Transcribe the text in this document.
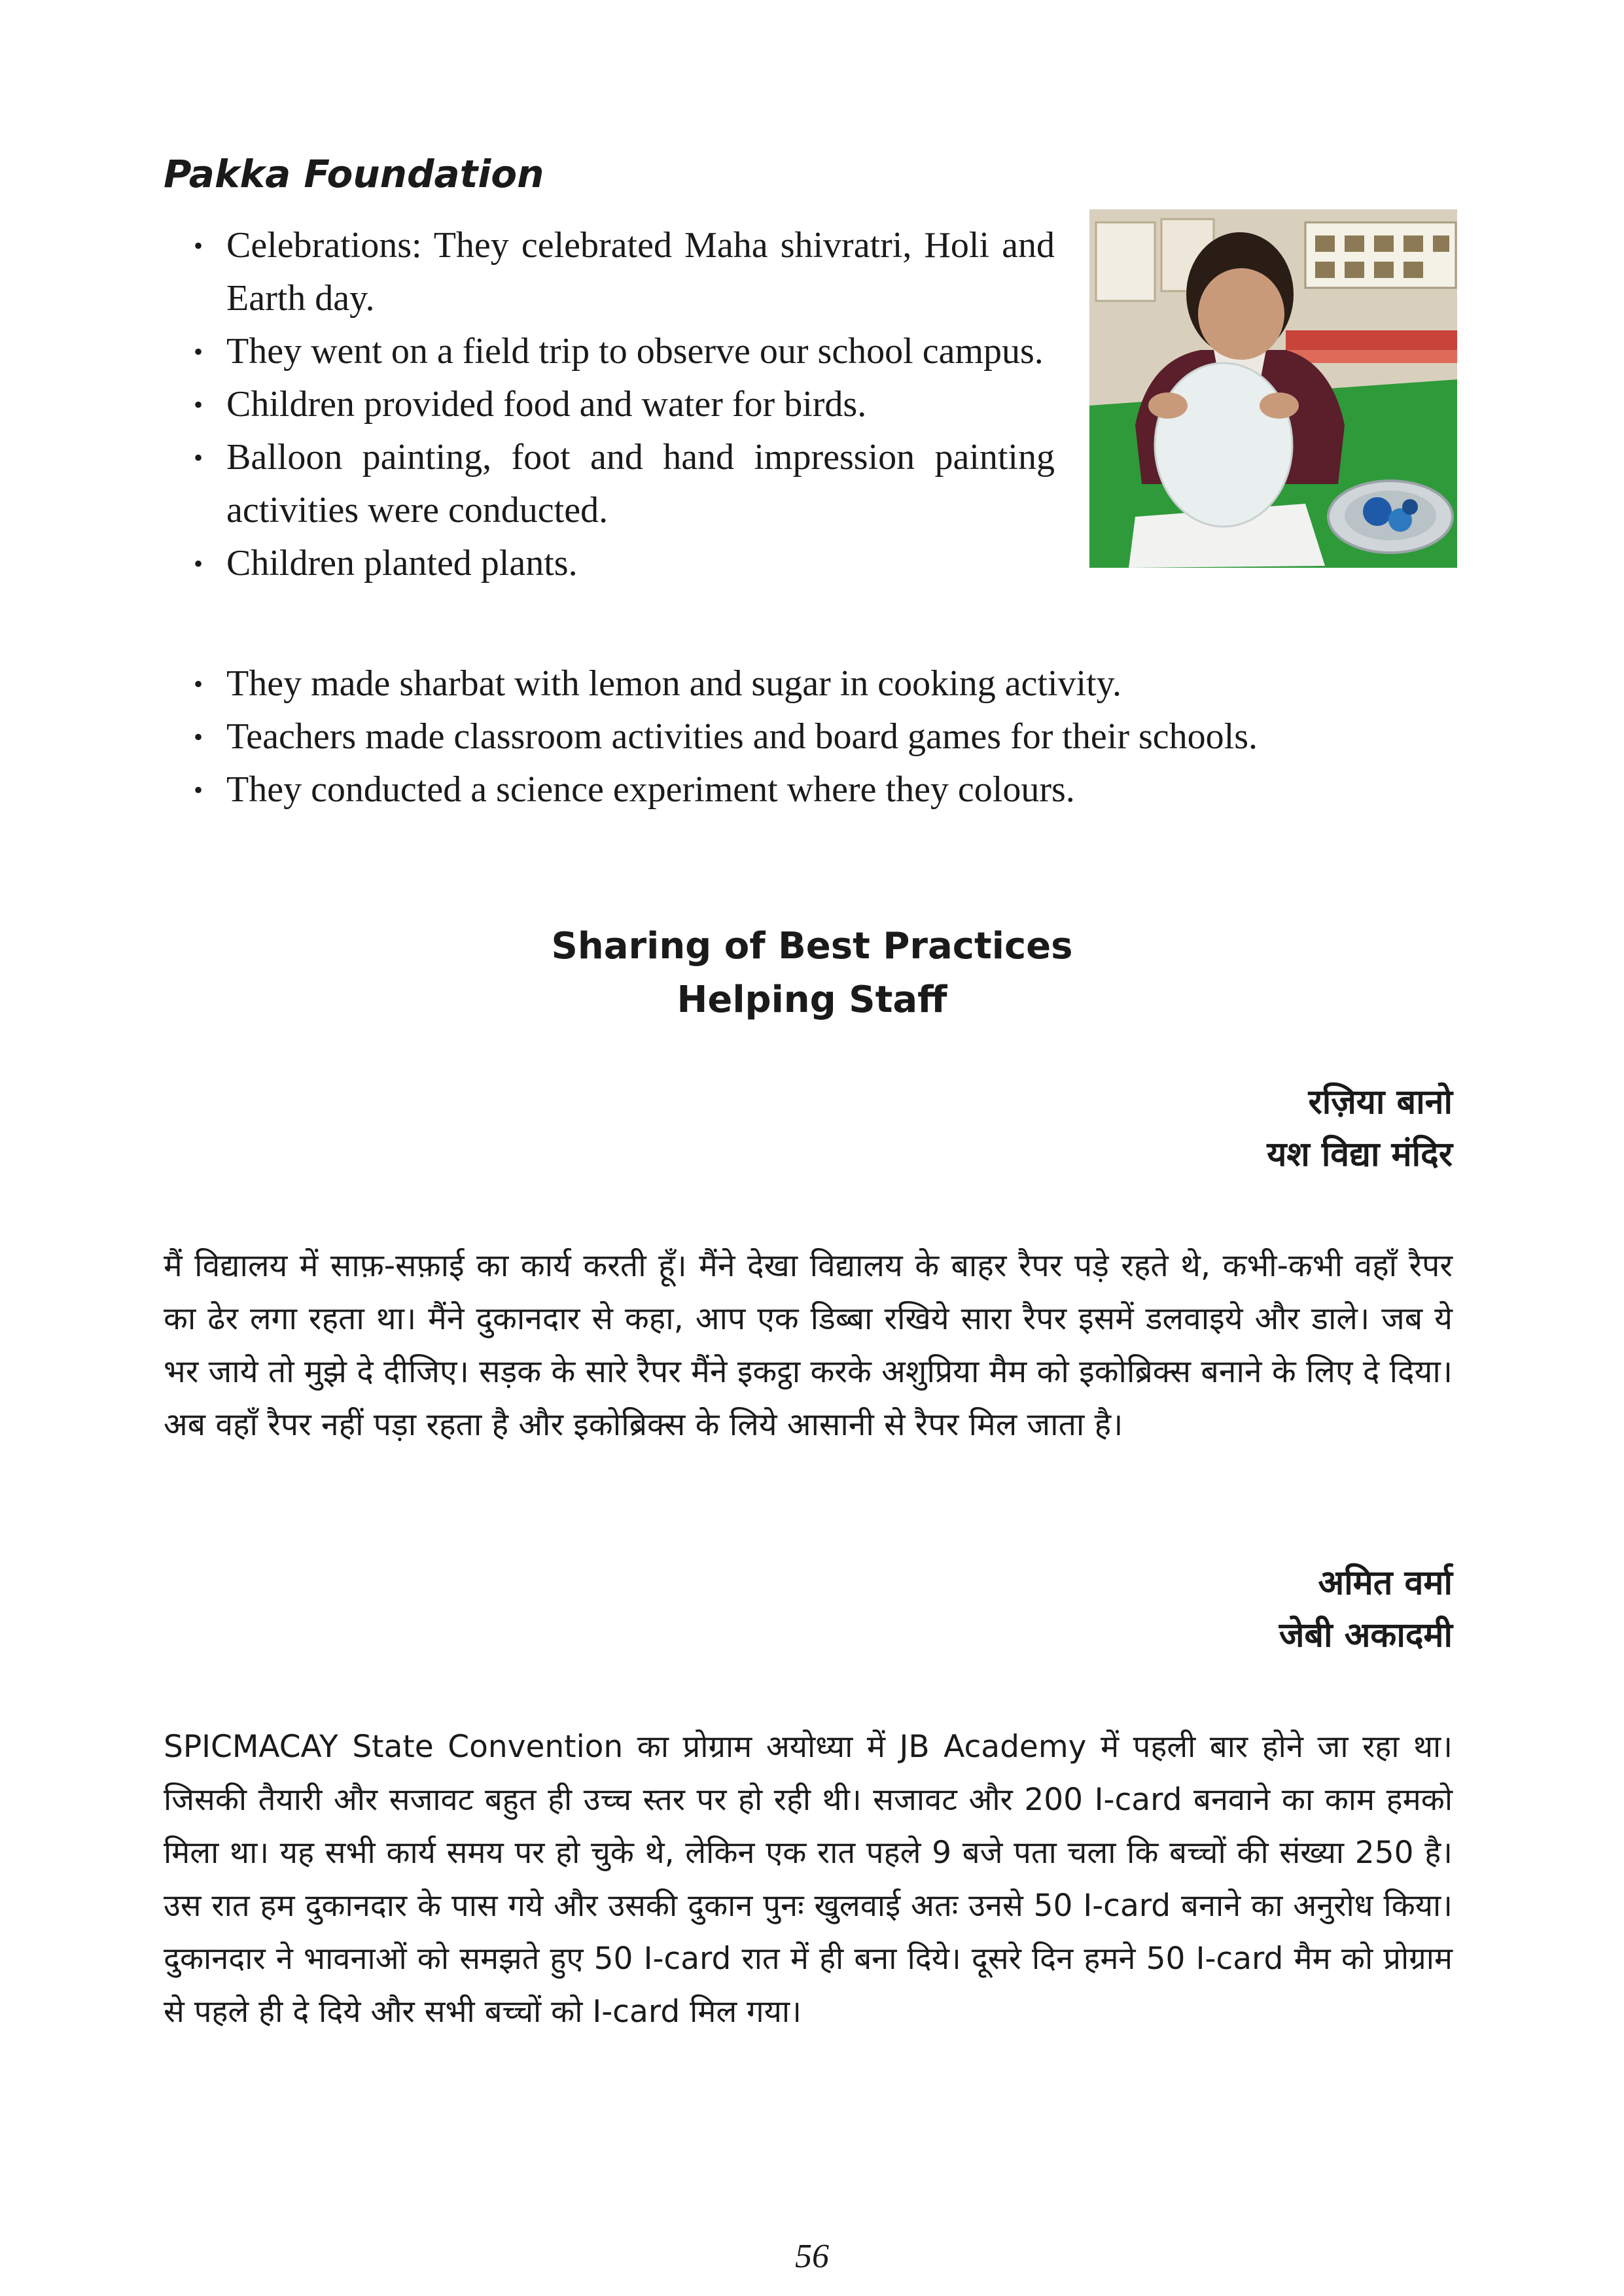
Pakka Foundation
• Celebrations: They celebrated Maha shivratri, Holi and Earth day.
• They went on a field trip to observe our school campus.
• Children provided food and water for birds.
• Balloon painting, foot and hand impression painting activities were conducted.
• Children planted plants.
• They made sharbat with lemon and sugar in cooking activity.
• Teachers made classroom activities and board games for their schools.
• They conducted a science experiment where they colours.
Sharing of Best Practices
Helping Staff
रज़िया बानो
यश विद्या मंदिर

मैं विद्यालय में साफ़-सफ़ाई का कार्य करती हूँ। मैंने देखा विद्यालय के बाहर रैपर पड़े रहते थे, कभी-कभी वहाँ रैपर का ढेर लगा रहता था। मैंने दुकानदार से कहा, आप एक डिब्बा रखिये सारा रैपर इसमें डलवाइये और डाले। जब ये भर जाये तो मुझे दे दीजिए। सड़क के सारे रैपर मैंने इकट्ठा करके अशुप्रिया मैम को इकोब्रिक्स बनाने के लिए दे दिया। अब वहाँ रैपर नहीं पड़ा रहता है और इकोब्रिक्स के लिये आसानी से रैपर मिल जाता है।

अमित वर्मा
जेबी अकादमी

SPICMACAY State Convention का प्रोग्राम अयोध्या में JB Academy में पहली बार होने जा रहा था। जिसकी तैयारी और सजावट बहुत ही उच्च स्तर पर हो रही थी। सजावट और 200 I-card बनवाने का काम हमको मिला था। यह सभी कार्य समय पर हो चुके थे, लेकिन एक रात पहले 9 बजे पता चला कि बच्चों की संख्या 250 है। उस रात हम दुकानदार के पास गये और उसकी दुकान पुनः खुलवाई अतः उनसे 50 I-card बनाने का अनुरोध किया। दुकानदार ने भावनाओं को समझते हुए 50 I-card रात में ही बना दिये। दूसरे दिन हमने 50 I-card मैम को प्रोग्राम से पहले ही दे दिये और सभी बच्चों को I-card मिल गया।

56
